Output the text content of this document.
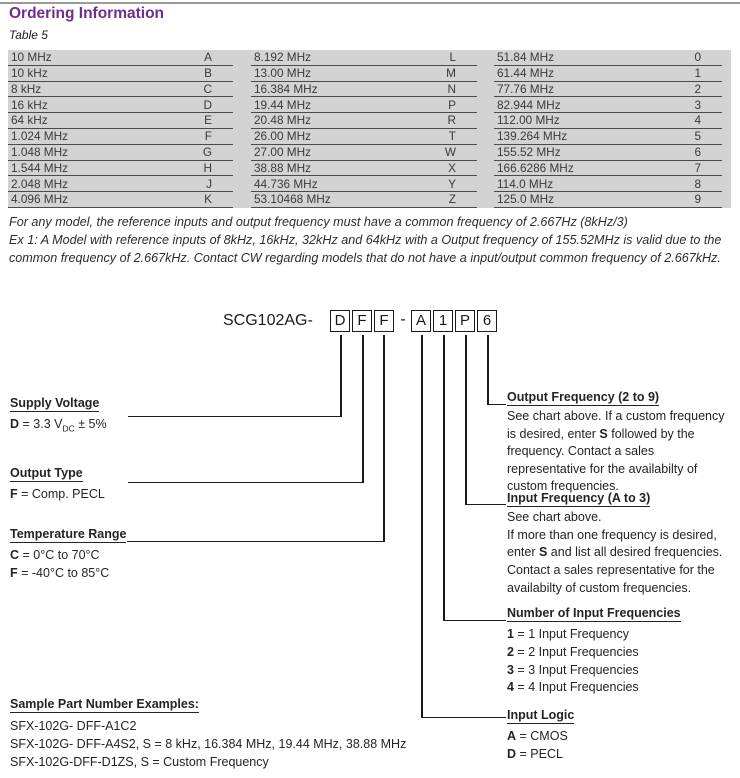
Ordering Information
Table 5
10 MHz	A
10 kHz	B
8 kHz	C
16 kHz	D
64 kHz	E
1.024 MHz	F
1.048 MHz	G
1.544 MHz	H
2.048 MHz	J
4.096 MHz	K
8.192 MHz	L
13.00 MHz	M
16.384 MHz	N
19.44 MHz	P
20.48 MHz	R
26.00 MHz	T
27.00 MHz	W
38.88 MHz	X
44.736 MHz	Y
53.10468 MHz	Z
51.84 MHz	0
61.44 MHz	1
77.76 MHz	2
82.944 MHz	3
112.00 MHz	4
139.264 MHz	5
155.52 MHz	6
166.6286 MHz	7
114.0 MHz	8
125.0 MHz	9
For any model, the reference inputs and output frequency must have a common frequency of 2.667Hz (8kHz/3)
Ex 1: A Model with reference inputs of 8kHz, 16kHz, 32kHz and 64kHz with a Output frequency of 155.52MHz is valid due to the
common frequency of 2.667kHz. Contact CW regarding models that do not have a input/output common frequency of 2.667kHz.
SCG102AG-	D F F - A 1 P 6
Supply Voltage
D = 3.3 $V_{DC} \pm 5\%$
Output Type
F = Comp. PECL
Temperature Range
C = 0°C to 70°C
F = -40°C to 85°C
Sample Part Number Examples:
SFX-102G- DFF-A1C2
SFX-102G- DFF-A4S2, S = 8 kHz, 16.384 MHz, 19.44 MHz, 38.88 MHz
SFX-102G-DFF-D1ZS, S = Custom Frequency
Output Frequency (2 to 9)
See chart above. If a custom frequency is desired, enter S followed by the frequency. Contact a sales representative for the availabilty of custom frequencies.
Input Frequency (A to 3)
See chart above.
If more than one frequency is desired, enter S and list all desired frequencies. Contact a sales representative for the availabilty of custom frequencies.
Number of Input Frequencies
1 = 1 Input Frequency
2 = 2 Input Frequencies
3 = 3 Input Frequencies
4 = 4 Input Frequencies
Input Logic
A = CMOS
D = PECL
